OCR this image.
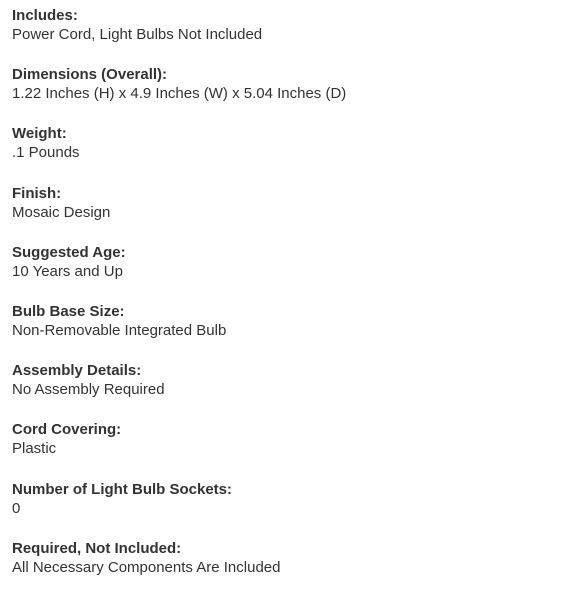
Includes:
Power Cord, Light Bulbs Not Included
Dimensions (Overall):
1.22 Inches (H) x 4.9 Inches (W) x 5.04 Inches (D)
Weight:
.1 Pounds
Finish:
Mosaic Design
Suggested Age:
10 Years and Up
Bulb Base Size:
Non-Removable Integrated Bulb
Assembly Details:
No Assembly Required
Cord Covering:
Plastic
Number of Light Bulb Sockets:
0
Required, Not Included:
All Necessary Components Are Included
